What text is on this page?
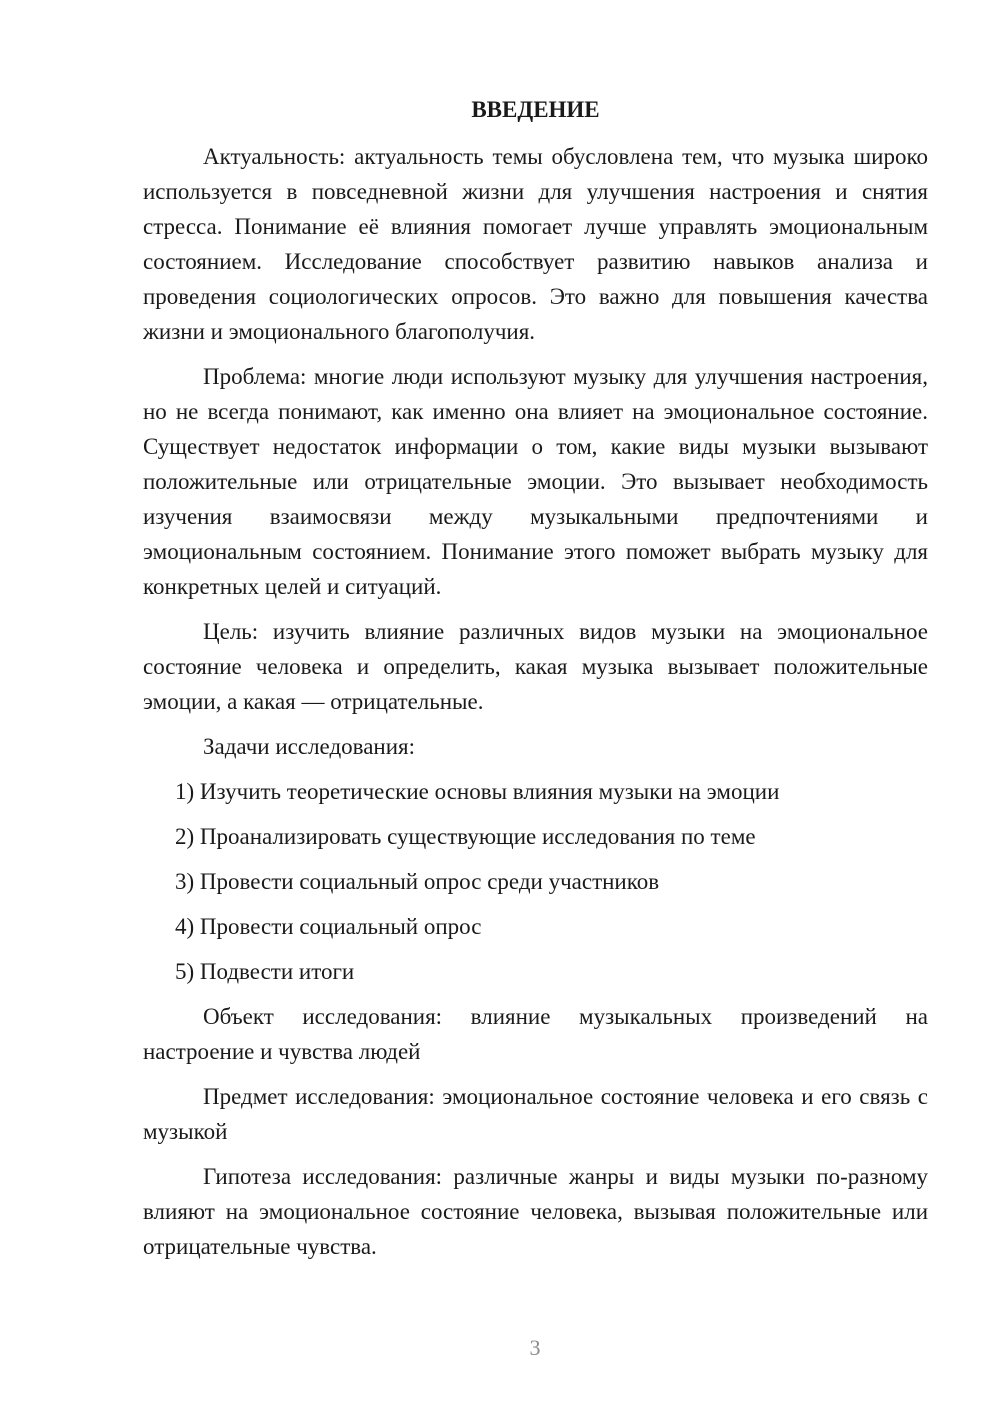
ВВЕДЕНИЕ

Актуальность: актуальность темы обусловлена тем, что музыка широко используется в повседневной жизни для улучшения настроения и снятия стресса. Понимание её влияния помогает лучше управлять эмоциональным состоянием. Исследование способствует развитию навыков анализа и проведения социологических опросов. Это важно для повышения качества жизни и эмоционального благополучия.

Проблема: многие люди используют музыку для улучшения настроения, но не всегда понимают, как именно она влияет на эмоциональное состояние. Существует недостаток информации о том, какие виды музыки вызывают положительные или отрицательные эмоции. Это вызывает необходимость изучения взаимосвязи между музыкальными предпочтениями и эмоциональным состоянием. Понимание этого поможет выбрать музыку для конкретных целей и ситуаций.

Цель: изучить влияние различных видов музыки на эмоциональное состояние человека и определить, какая музыка вызывает положительные эмоции, а какая — отрицательные.

Задачи исследования:

1) Изучить теоретические основы влияния музыки на эмоции
2) Проанализировать существующие исследования по теме
3) Провести социальный опрос среди участников
4) Провести социальный опрос
5) Подвести итоги

Объект исследования: влияние музыкальных произведений на настроение и чувства людей

Предмет исследования: эмоциональное состояние человека и его связь с музыкой

Гипотеза исследования: различные жанры и виды музыки по-разному влияют на эмоциональное состояние человека, вызывая положительные или отрицательные чувства.

3
